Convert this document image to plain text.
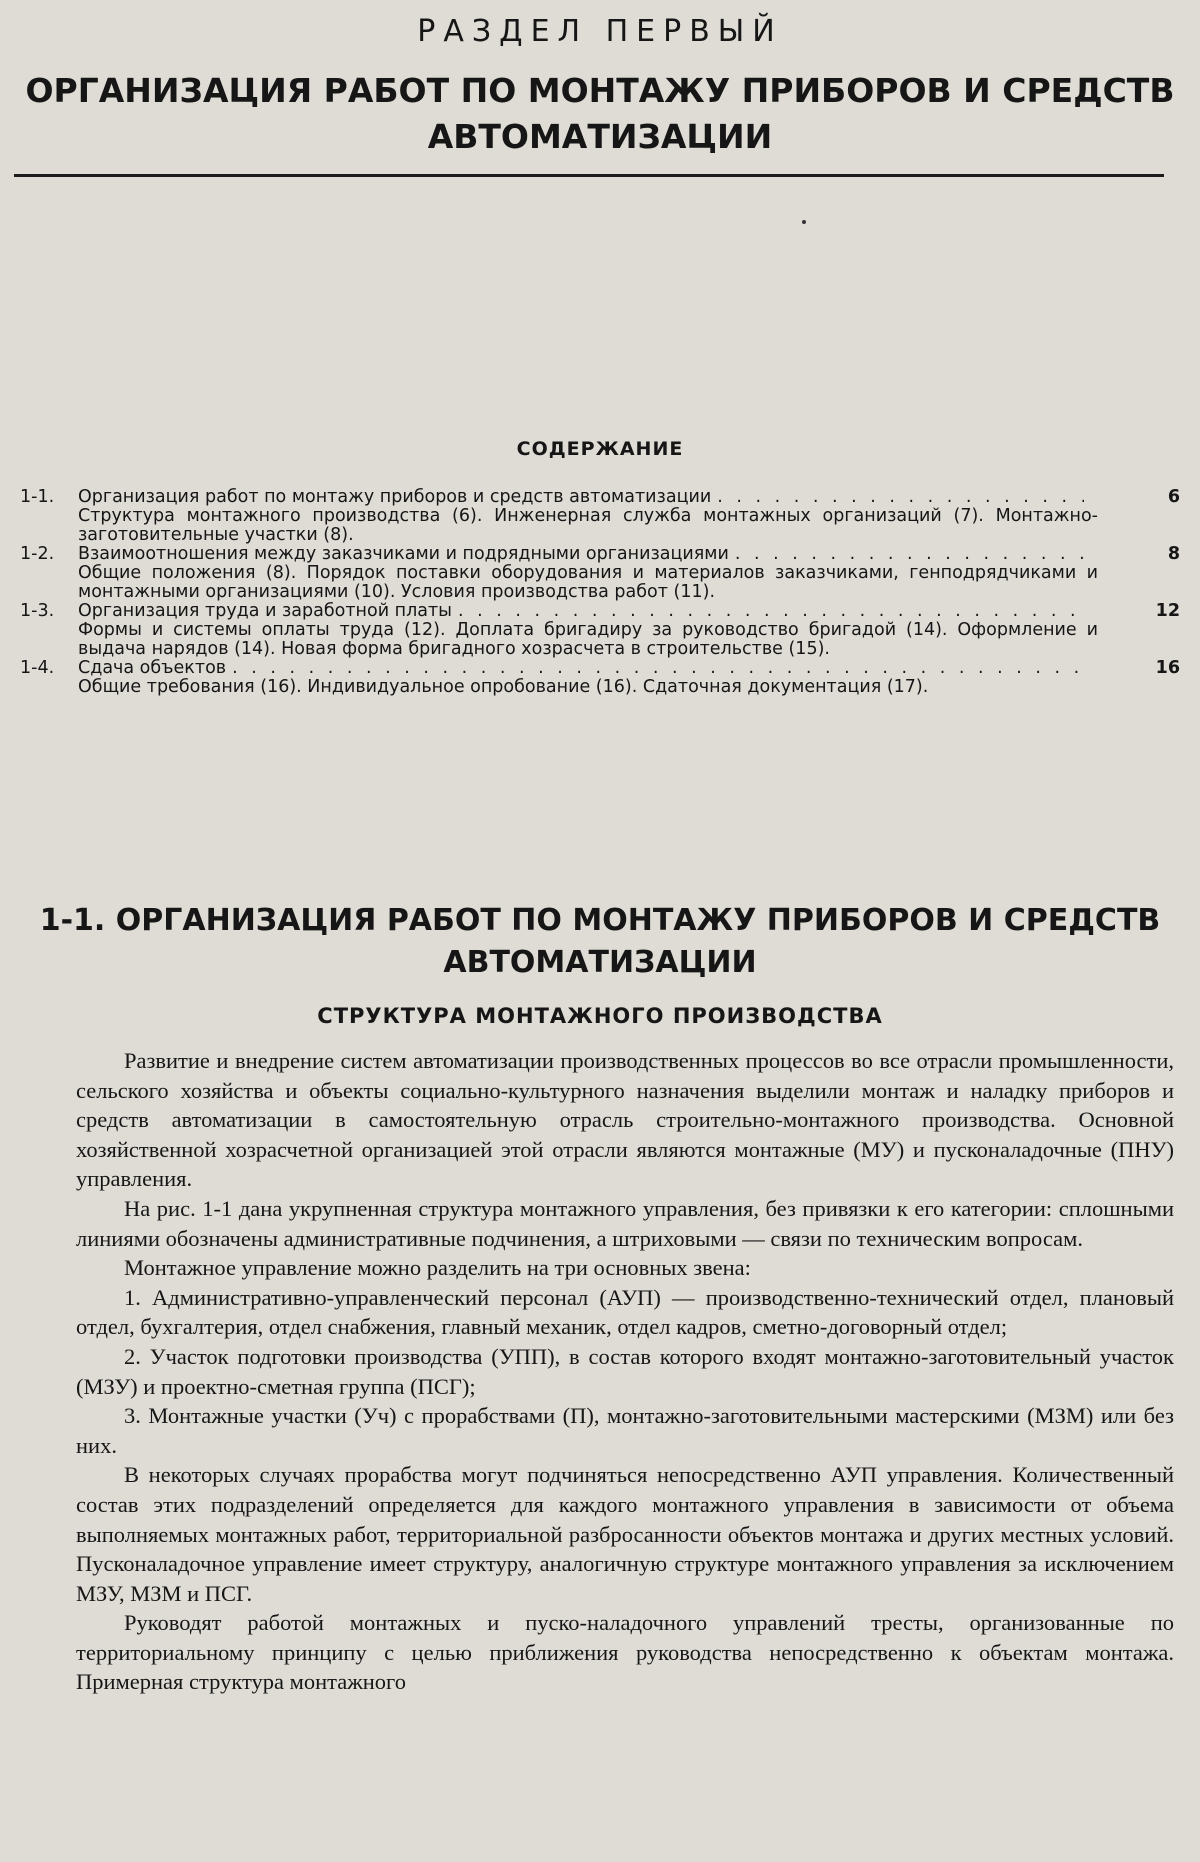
РАЗДЕЛ ПЕРВЫЙ
ОРГАНИЗАЦИЯ РАБОТ ПО МОНТАЖУ ПРИБОРОВ И СРЕДСТВ АВТОМАТИЗАЦИИ
СОДЕРЖАНИЕ
1-1.	Организация работ по монтажу приборов и средств автоматизации . . .	6
Структура монтажного производства (6). Инженерная служба монтажных организаций (7). Монтажно-заготовительные участки (8).
1-2.	Взаимоотношения между заказчиками и подрядными организациями . . .	8
Общие положения (8). Порядок поставки оборудования и материалов заказчиками, генподрядчиками и монтажными организациями (10). Условия производства работ (11).
1-3.	Организация труда и заработной платы . . .	12
Формы и системы оплаты труда (12). Доплата бригадиру за руководство бригадой (14). Оформление и выдача нарядов (14). Новая форма бригадного хозрасчета в строительстве (15).
1-4.	Сдача объектов . . .	16
Общие требования (16). Индивидуальное опробование (16). Сдаточная документация (17).
1-1. ОРГАНИЗАЦИЯ РАБОТ ПО МОНТАЖУ ПРИБОРОВ И СРЕДСТВ АВТОМАТИЗАЦИИ
СТРУКТУРА МОНТАЖНОГО ПРОИЗВОДСТВА

Развитие и внедрение систем автоматизации производственных процессов во все отрасли промышленности, сельского хозяйства и объекты социально-культурного назначения выделили монтаж и наладку приборов и средств автоматизации в самостоятельную отрасль строительно-монтажного производства. Основной хозяйственной хозрасчетной организацией этой отрасли являются монтажные (МУ) и пусконаладочные (ПНУ) управления.

На рис. 1-1 дана укрупненная структура монтажного управления, без привязки к его категории: сплошными линиями обозначены административные подчинения, а штриховыми — связи по техническим вопросам.

Монтажное управление можно разделить на три основных звена:

1. Административно-управленческий персонал (АУП) — производственно-технический отдел, плановый отдел, бухгалтерия, отдел снабжения, главный механик, отдел кадров, сметно-договорный отдел;

2. Участок подготовки производства (УПП), в состав которого входят монтажно-заготовительный участок (МЗУ) и проектно-сметная группа (ПСГ);

3. Монтажные участки (Уч) с прорабствами (П), монтажно-заготовительными мастерскими (МЗМ) или без них.

В некоторых случаях прорабства могут подчиняться непосредственно АУП управления. Количественный состав этих подразделений определяется для каждого монтажного управления в зависимости от объема выполняемых монтажных работ, территориальной разбросанности объектов монтажа и других местных условий. Пусконаладочное управление имеет структуру, аналогичную структуре монтажного управления за исключением МЗУ, МЗМ и ПСГ.

Руководят работой монтажных и пуско-наладочного управлений тресты, организованные по территориальному принципу с целью приближения руководства непосредственно к объектам монтажа. Примерная структура монтажного
